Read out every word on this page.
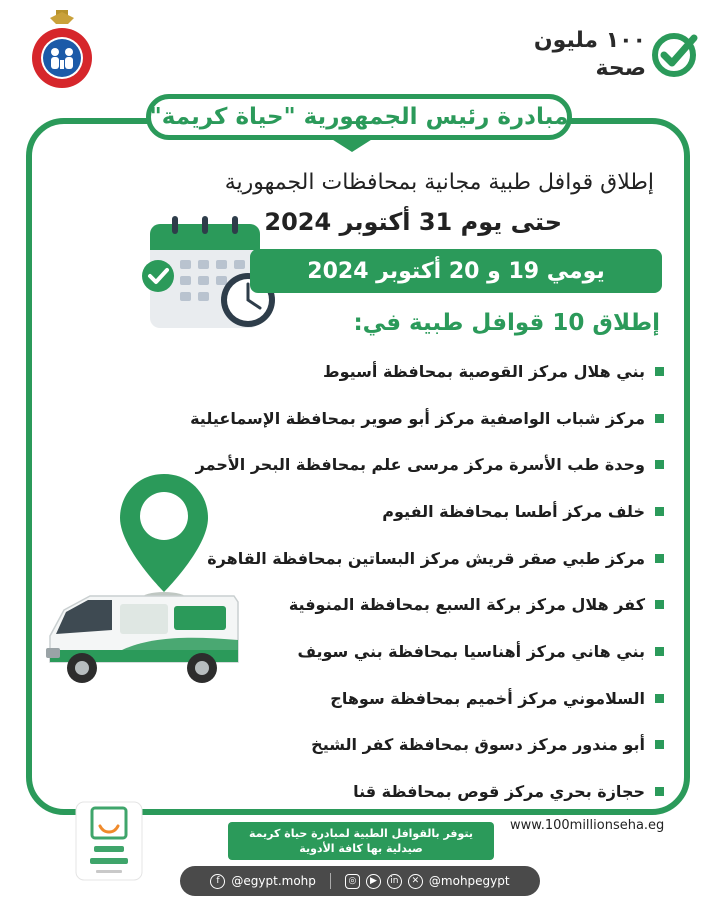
١٠٠ مليون
صحة
مبادرة رئيس الجمهورية "حياة كريمة"
إطلاق قوافل طبية مجانية بمحافظات الجمهورية
حتى يوم 31 أكتوبر 2024
يومي 19 و 20 أكتوبر 2024
إطلاق 10 قوافل طبية في:
بني هلال مركز القوصية بمحافظة أسيوط
مركز شباب الواصفية مركز أبو صوير بمحافظة الإسماعيلية
وحدة طب الأسرة مركز مرسى علم بمحافظة البحر الأحمر
خلف مركز أطسا بمحافظة الفيوم
مركز طبي صقر قريش مركز البساتين بمحافظة القاهرة
كفر هلال مركز بركة السبع بمحافظة المنوفية
بني هاني مركز أهناسيا بمحافظة بني سويف
السلاموني مركز أخميم بمحافظة سوهاج
أبو مندور مركز دسوق بمحافظة كفر الشيخ
حجازة بحري مركز قوص بمحافظة قنا
يتوفر بالقوافل الطبية لمبادرة حياة كريمة
صيدلية بها كافة الأدوية
www.100millionseha.eg
f @egypt.mohp	◎	▶	in	✕ @mohpegypt
